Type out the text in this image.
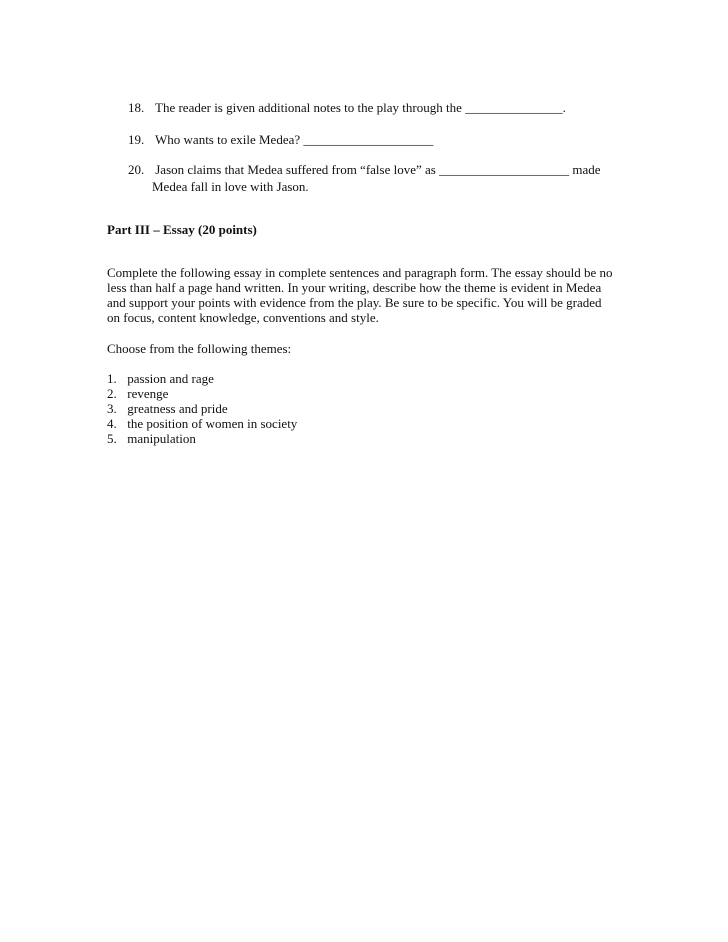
18. The reader is given additional notes to the play through the _______________.
19. Who wants to exile Medea? ____________________
20. Jason claims that Medea suffered from “false love” as ____________________ made
Medea fall in love with Jason.
Part III – Essay (20 points)
Complete the following essay in complete sentences and paragraph form. The essay should be no
less than half a page hand written. In your writing, describe how the theme is evident in Medea
and support your points with evidence from the play. Be sure to be specific. You will be graded
on focus, content knowledge, conventions and style.
Choose from the following themes:
1. passion and rage
2. revenge
3. greatness and pride
4. the position of women in society
5. manipulation
